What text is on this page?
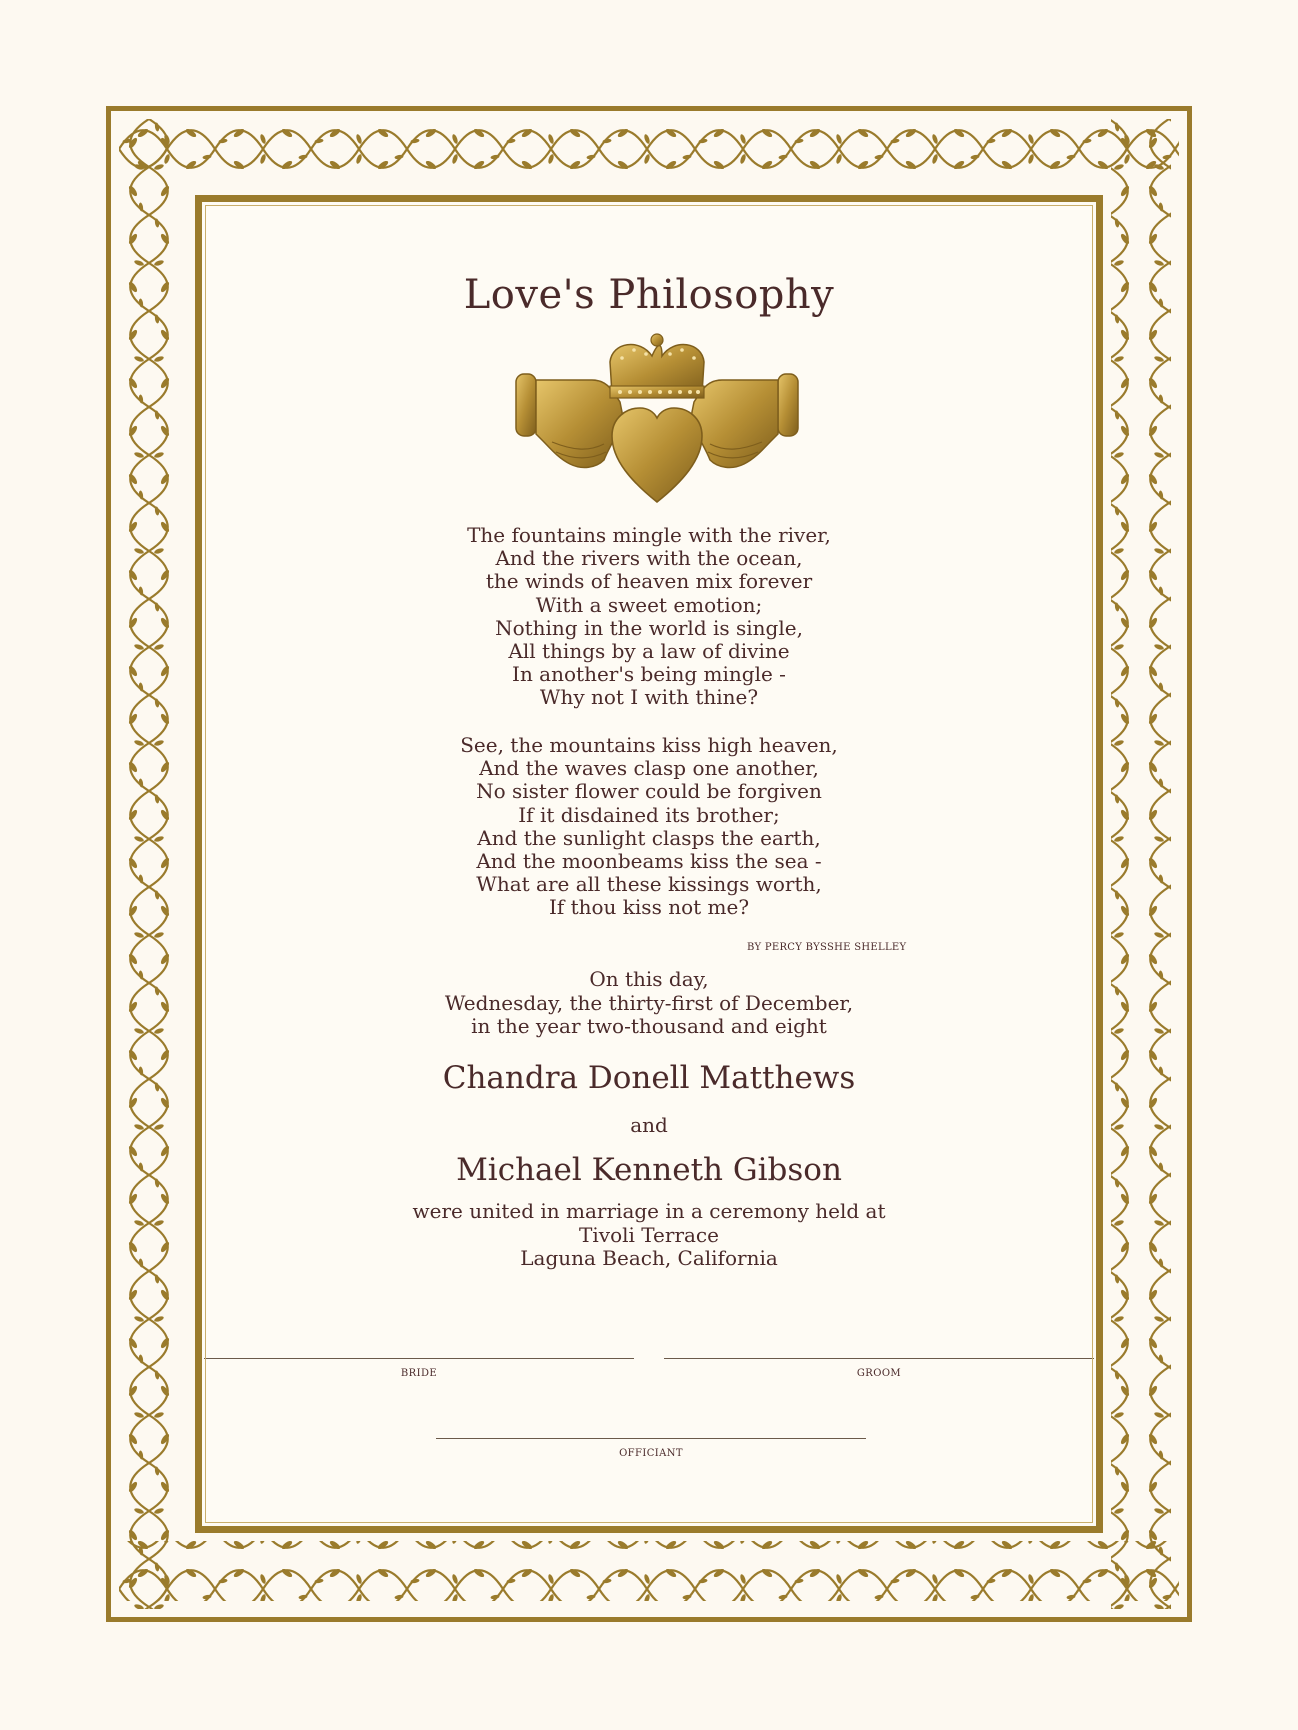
Love's Philosophy
The fountains mingle with the river,
And the rivers with the ocean,
the winds of heaven mix forever
With a sweet emotion;
Nothing in the world is single,
All things by a law of divine
In another's being mingle -
Why not I with thine?
See, the mountains kiss high heaven,
And the waves clasp one another,
No sister flower could be forgiven
If it disdained its brother;
And the sunlight clasps the earth,
And the moonbeams kiss the sea -
What are all these kissings worth,
If thou kiss not me?
BY PERCY BYSSHE SHELLEY
On this day,
Wednesday, the thirty-first of December,
in the year two-thousand and eight
Chandra Donell Matthews
and
Michael Kenneth Gibson
were united in marriage in a ceremony held at
Tivoli Terrace
Laguna Beach, California
BRIDE	GROOM
OFFICIANT
